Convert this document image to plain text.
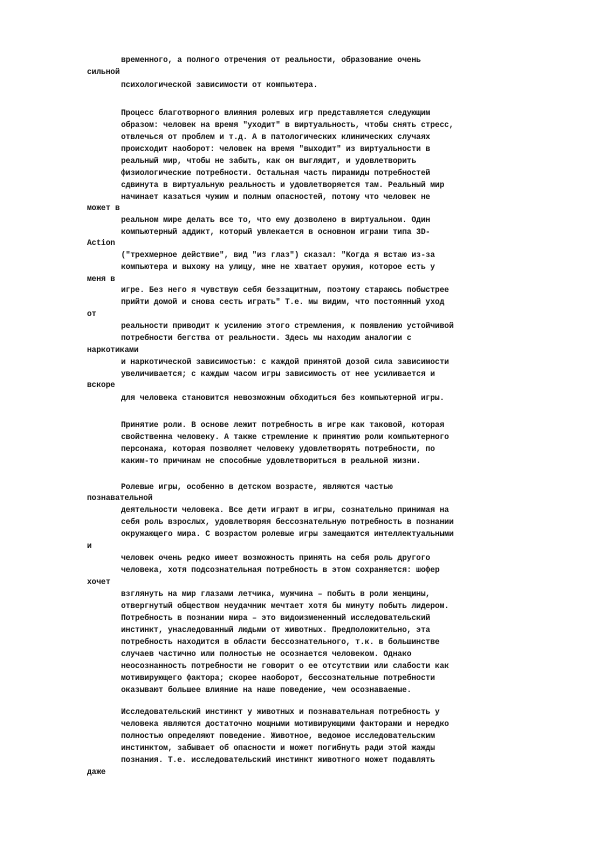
временного, а полного отречения от реальности, образование очень

сильной

психологической зависимости от компьютера.

Процесс благотворного влияния ролевых игр представляется следующим

образом: человек на время "уходит" в виртуальность, чтобы снять стресс,

отвлечься от проблем и т.д. А в патологических клинических случаях

происходит наоборот: человек на время "выходит" из виртуальности в

реальный мир, чтобы не забыть, как он выглядит, и удовлетворить

физиологические потребности. Остальная часть пирамиды потребностей

сдвинута в виртуальную реальность и удовлетворяется там. Реальный мир

начинает казаться чужим и полным опасностей, потому что человек не

может в

реальном мире делать все то, что ему дозволено в виртуальном. Один

компьютерный аддикт, который увлекается в основном играми типа 3D-

Action

("трехмерное действие", вид "из глаз") сказал: "Когда я встаю из-за

компьютера и выхожу на улицу, мне не хватает оружия, которое есть у

меня в

игре. Без него я чувствую себя беззащитным, поэтому стараюсь побыстрее

прийти домой и снова сесть играть" Т.е. мы видим, что постоянный уход

от

реальности приводит к усилению этого стремления, к появлению устойчивой

потребности бегства от реальности. Здесь мы находим аналогии с

наркотиками

и наркотической зависимостью: с каждой принятой дозой сила зависимости

увеличивается; с каждым часом игры зависимость от нее усиливается и

вскоре

для человека становится невозможным обходиться без компьютерной игры.

Принятие роли. В основе лежит потребность в игре как таковой, которая

свойственна человеку. А также стремление к принятию роли компьютерного

персонажа, которая позволяет человеку удовлетворять потребности, по

каким-то причинам не способные удовлетвориться в реальной жизни.

Ролевые игры, особенно в детском возрасте, являются частью

познавательной

деятельности человека. Все дети играют в игры, сознательно принимая на

себя роль взрослых, удовлетворяя бессознательную потребность в познании

окружающего мира. С возрастом ролевые игры замещаются интеллектуальными

и

человек очень редко имеет возможность принять на себя роль другого

человека, хотя подсознательная потребность в этом сохраняется: шофер

хочет

взглянуть на мир глазами летчика, мужчина – побыть в роли женщины,

отвергнутый обществом неудачник мечтает хотя бы минуту побыть лидером.

Потребность в познании мира – это видоизмененный исследовательский

инстинкт, унаследованный людьми от животных. Предположительно, эта

потребность находится в области бессознательного, т.к. в большинстве

случаев частично или полностью не осознается человеком. Однако

неосознанность потребности не говорит о ее отсутствии или слабости как

мотивирующего фактора; скорее наоборот, бессознательные потребности

оказывают большее влияние на наше поведение, чем осознаваемые.

Исследовательский инстинкт у животных и познавательная потребность у

человека являются достаточно мощными мотивирующими факторами и нередко

полностью определяют поведение. Животное, ведомое исследовательским

инстинктом, забывает об опасности и может погибнуть ради этой жажды

познания. Т.е. исследовательский инстинкт животного может подавлять

даже
